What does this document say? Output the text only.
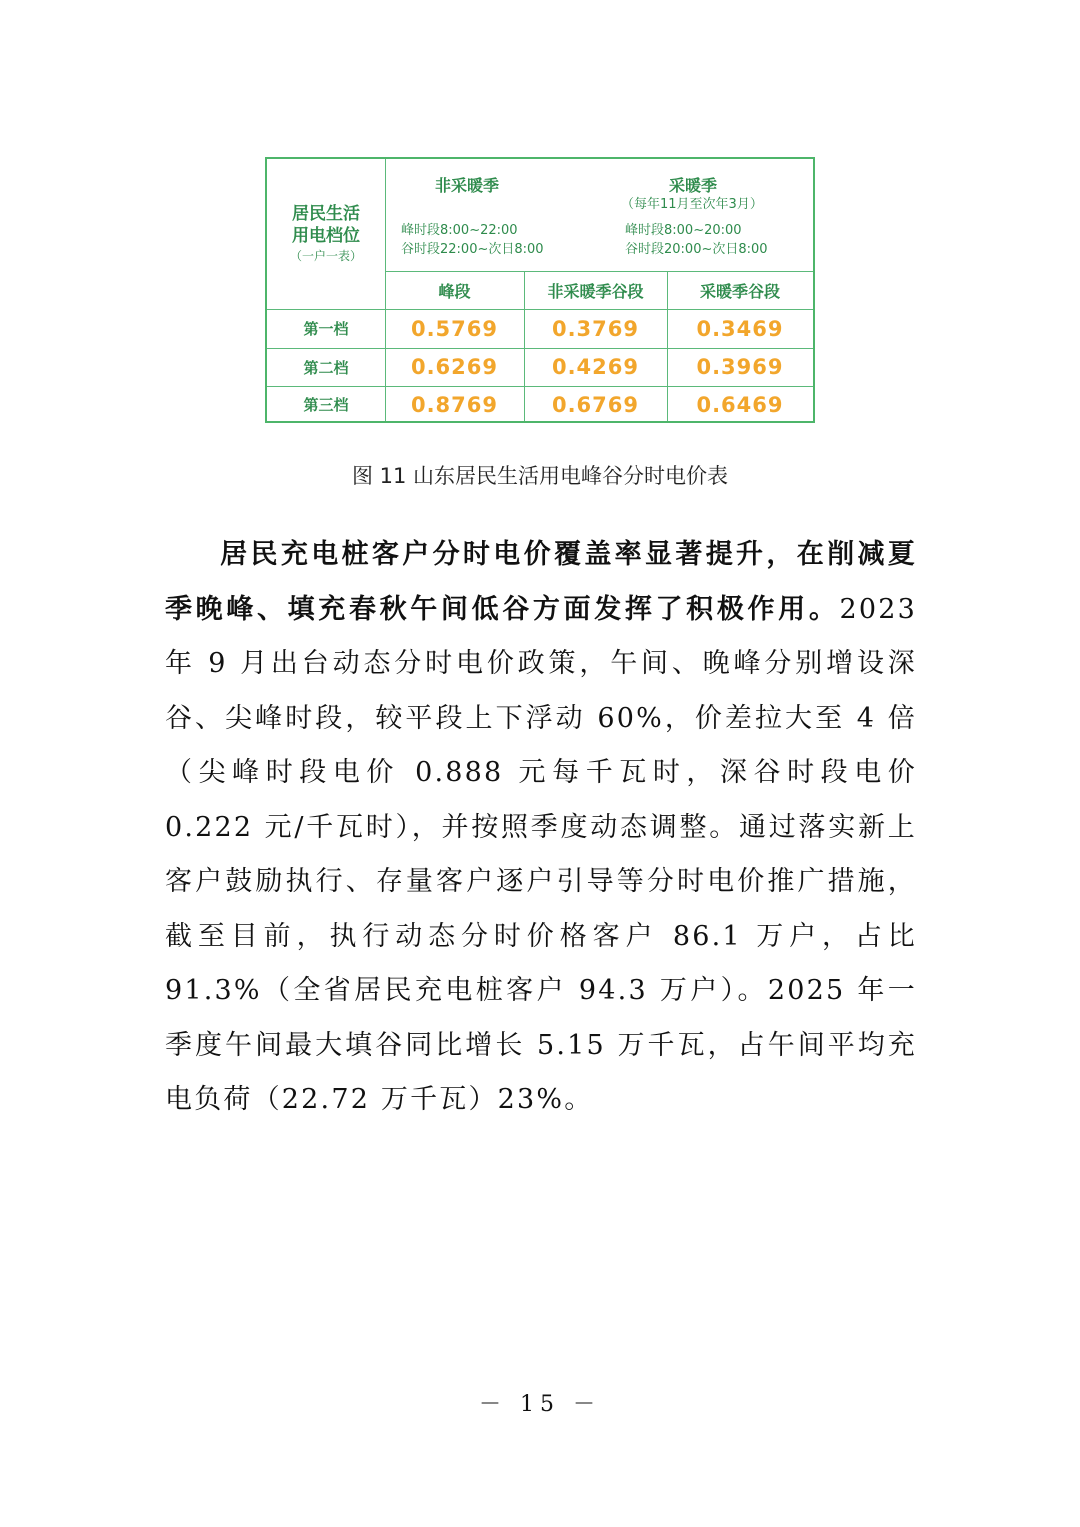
居民生活
用电档位
（一户一表）
非采暖季
峰时段8:00~22:00
谷时段22:00~次日8:00
采暖季
（每年11月至次年3月）
峰时段8:00~20:00
谷时段20:00~次日8:00
峰段	非采暖季谷段	采暖季谷段
第一档	0.5769	0.3769	0.3469
第二档	0.6269	0.4269	0.3969
第三档	0.8769	0.6769	0.6469
图 11 山东居民生活用电峰谷分时电价表
居民充电桩客户分时电价覆盖率显著提升，在削减夏季晚峰、填充春秋午间低谷方面发挥了积极作用。2023 年 9 月出台动态分时电价政策，午间、晚峰分别增设深谷、尖峰时段，较平段上下浮动 60%，价差拉大至 4 倍（尖峰时段电价 0.888 元每千瓦时，深谷时段电价 0.222 元/千瓦时），并按照季度动态调整。通过落实新上客户鼓励执行、存量客户逐户引导等分时电价推广措施，截至目前，执行动态分时价格客户 86.1 万户，占比 91.3%（全省居民充电桩客户 94.3 万户）。2025 年一季度午间最大填谷同比增长 5.15 万千瓦，占午间平均充电负荷（22.72 万千瓦）23%。
－ 15 －
